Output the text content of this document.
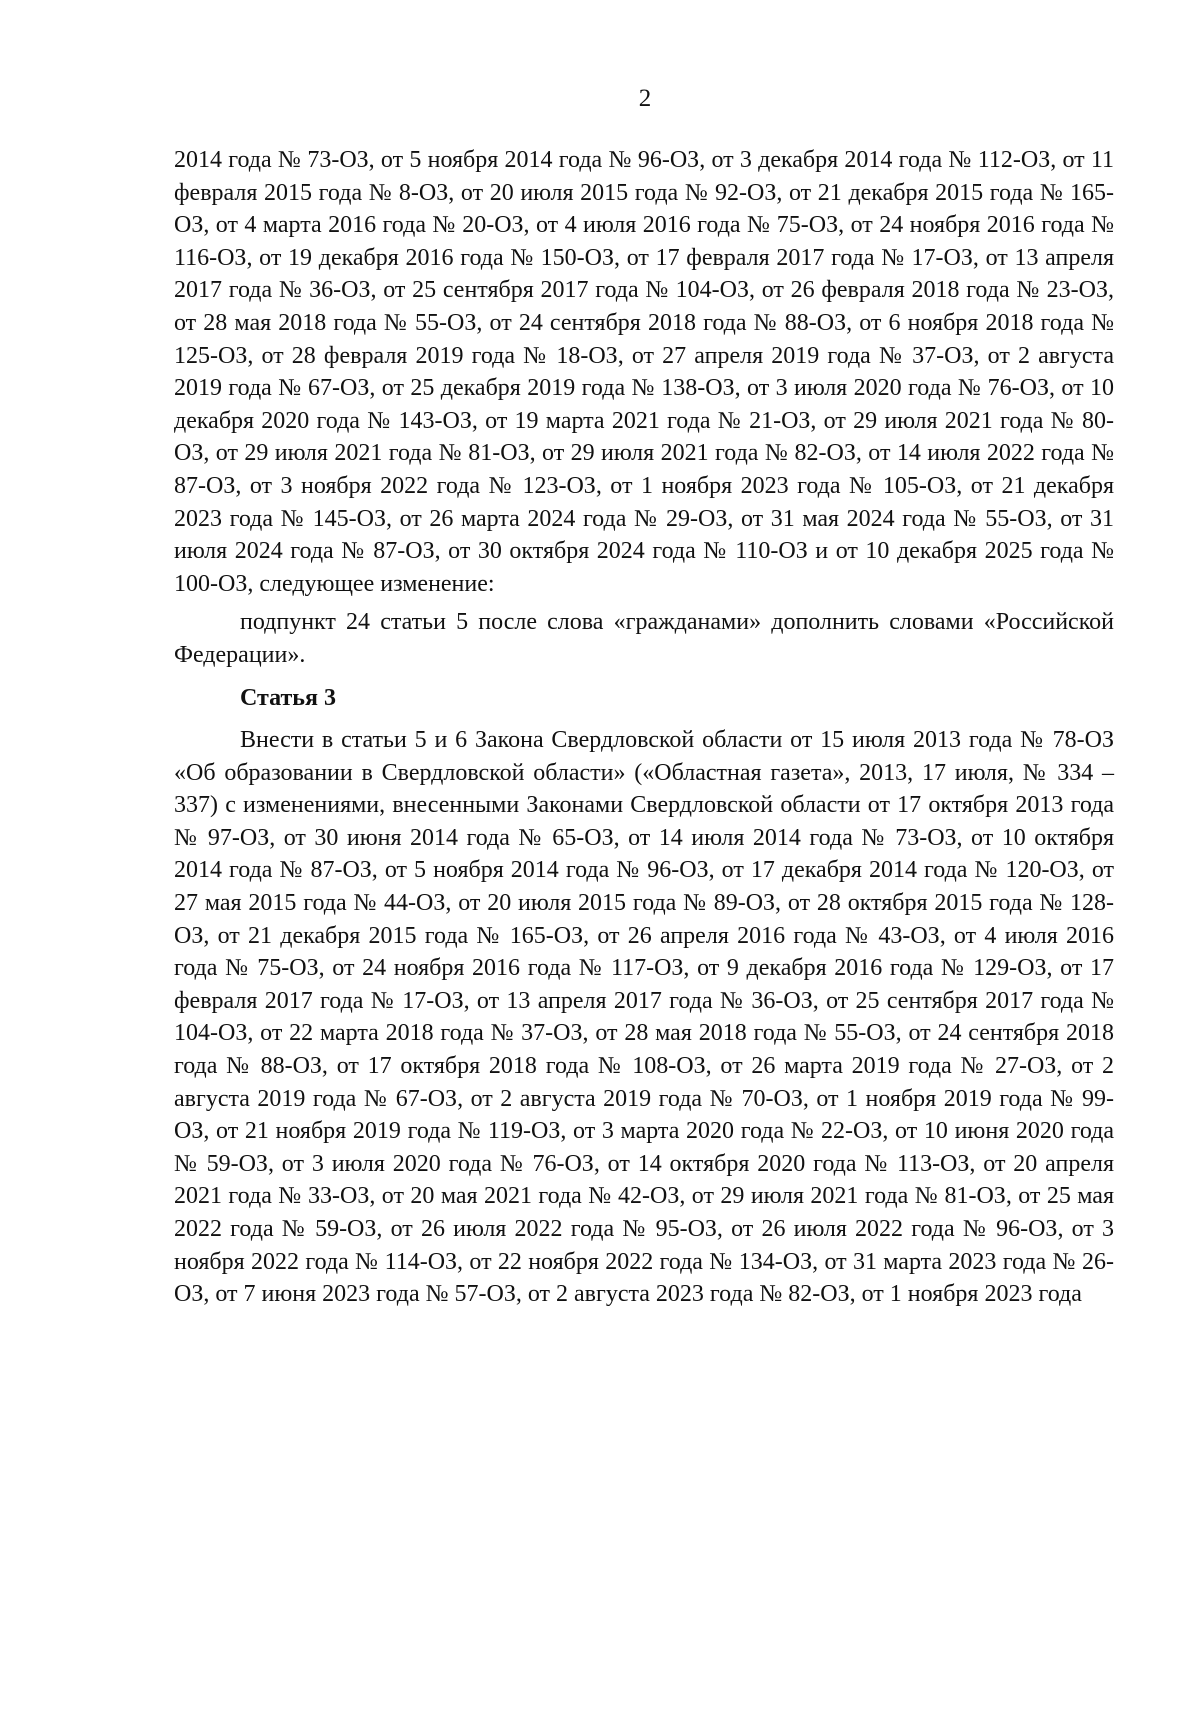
2

2014 года № 73-ОЗ, от 5 ноября 2014 года № 96-ОЗ, от 3 декабря 2014 года № 112-ОЗ, от 11 февраля 2015 года № 8-ОЗ, от 20 июля 2015 года № 92-ОЗ, от 21 декабря 2015 года № 165-ОЗ, от 4 марта 2016 года № 20-ОЗ, от 4 июля 2016 года № 75-ОЗ, от 24 ноября 2016 года № 116-ОЗ, от 19 декабря 2016 года № 150-ОЗ, от 17 февраля 2017 года № 17-ОЗ, от 13 апреля 2017 года № 36-ОЗ, от 25 сентября 2017 года № 104-ОЗ, от 26 февраля 2018 года № 23-ОЗ, от 28 мая 2018 года № 55-ОЗ, от 24 сентября 2018 года № 88-ОЗ, от 6 ноября 2018 года № 125-ОЗ, от 28 февраля 2019 года № 18-ОЗ, от 27 апреля 2019 года № 37-ОЗ, от 2 августа 2019 года № 67-ОЗ, от 25 декабря 2019 года № 138-ОЗ, от 3 июля 2020 года № 76-ОЗ, от 10 декабря 2020 года № 143-ОЗ, от 19 марта 2021 года № 21-ОЗ, от 29 июля 2021 года № 80-ОЗ, от 29 июля 2021 года № 81-ОЗ, от 29 июля 2021 года № 82-ОЗ, от 14 июля 2022 года № 87-ОЗ, от 3 ноября 2022 года № 123-ОЗ, от 1 ноября 2023 года № 105-ОЗ, от 21 декабря 2023 года № 145-ОЗ, от 26 марта 2024 года № 29-ОЗ, от 31 мая 2024 года № 55-ОЗ, от 31 июля 2024 года № 87-ОЗ, от 30 октября 2024 года № 110-ОЗ и от 10 декабря 2025 года № 100-ОЗ, следующее изменение:

подпункт 24 статьи 5 после слова «гражданами» дополнить словами «Российской Федерации».

Статья 3

Внести в статьи 5 и 6 Закона Свердловской области от 15 июля 2013 года № 78-ОЗ «Об образовании в Свердловской области» («Областная газета», 2013, 17 июля, № 334 – 337) с изменениями, внесенными Законами Свердловской области от 17 октября 2013 года № 97-ОЗ, от 30 июня 2014 года № 65-ОЗ, от 14 июля 2014 года № 73-ОЗ, от 10 октября 2014 года № 87-ОЗ, от 5 ноября 2014 года № 96-ОЗ, от 17 декабря 2014 года № 120-ОЗ, от 27 мая 2015 года № 44-ОЗ, от 20 июля 2015 года № 89-ОЗ, от 28 октября 2015 года № 128-ОЗ, от 21 декабря 2015 года № 165-ОЗ, от 26 апреля 2016 года № 43-ОЗ, от 4 июля 2016 года № 75-ОЗ, от 24 ноября 2016 года № 117-ОЗ, от 9 декабря 2016 года № 129-ОЗ, от 17 февраля 2017 года № 17-ОЗ, от 13 апреля 2017 года № 36-ОЗ, от 25 сентября 2017 года № 104-ОЗ, от 22 марта 2018 года № 37-ОЗ, от 28 мая 2018 года № 55-ОЗ, от 24 сентября 2018 года № 88-ОЗ, от 17 октября 2018 года № 108-ОЗ, от 26 марта 2019 года № 27-ОЗ, от 2 августа 2019 года № 67-ОЗ, от 2 августа 2019 года № 70-ОЗ, от 1 ноября 2019 года № 99-ОЗ, от 21 ноября 2019 года № 119-ОЗ, от 3 марта 2020 года № 22-ОЗ, от 10 июня 2020 года № 59-ОЗ, от 3 июля 2020 года № 76-ОЗ, от 14 октября 2020 года № 113-ОЗ, от 20 апреля 2021 года № 33-ОЗ, от 20 мая 2021 года № 42-ОЗ, от 29 июля 2021 года № 81-ОЗ, от 25 мая 2022 года № 59-ОЗ, от 26 июля 2022 года № 95-ОЗ, от 26 июля 2022 года № 96-ОЗ, от 3 ноября 2022 года № 114-ОЗ, от 22 ноября 2022 года № 134-ОЗ, от 31 марта 2023 года № 26-ОЗ, от 7 июня 2023 года № 57-ОЗ, от 2 августа 2023 года № 82-ОЗ, от 1 ноября 2023 года
